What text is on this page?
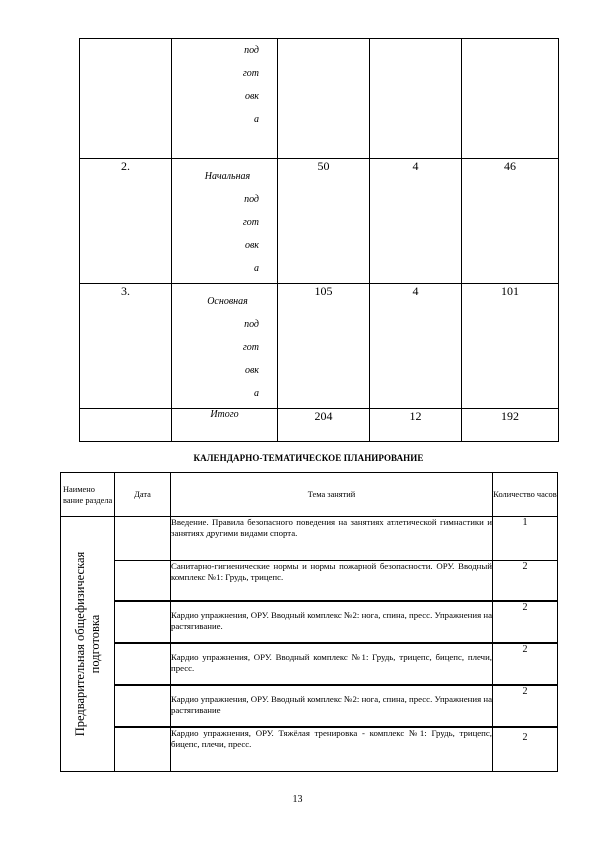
	под
гот
овк
а			

2.	Начальная
под
гот
овк
а	50	4	46
3.	Основная
под
гот
овк
а	105	4	101
	Итого	204	12	192
КАЛЕНДАРНО-ТЕМАТИЧЕСКОЕ ПЛАНИРОВАНИЕ
Наимено вание раздела	Дата	Тема занятий	Количество часов

Предварительная общефизическая подготовка		Введение. Правила безопасного поведения на занятиях атлетической гимнастики и занятиях другими видами спорта.	1
		Санитарно-гигиенические нормы и нормы пожарной безопасности. ОРУ. Вводный комплекс №1: Грудь, трицепс.	2
		Кардио упражнения, ОРУ. Вводный комплекс №2: нога, спина, пресс. Упражнения на растягивание.	2
		Кардио упражнения, ОРУ. Вводный комплекс №1: Грудь, трицепс, бицепс, плечи, пресс.	2
		Кардио упражнения, ОРУ. Вводный комплекс №2: нога, спина, пресс. Упражнения на растягивание	2
		Кардио упражнения, ОРУ. Тяжёлая тренировка - комплекс №1: Грудь, трицепс, бицепс, плечи, пресс.	2
13
